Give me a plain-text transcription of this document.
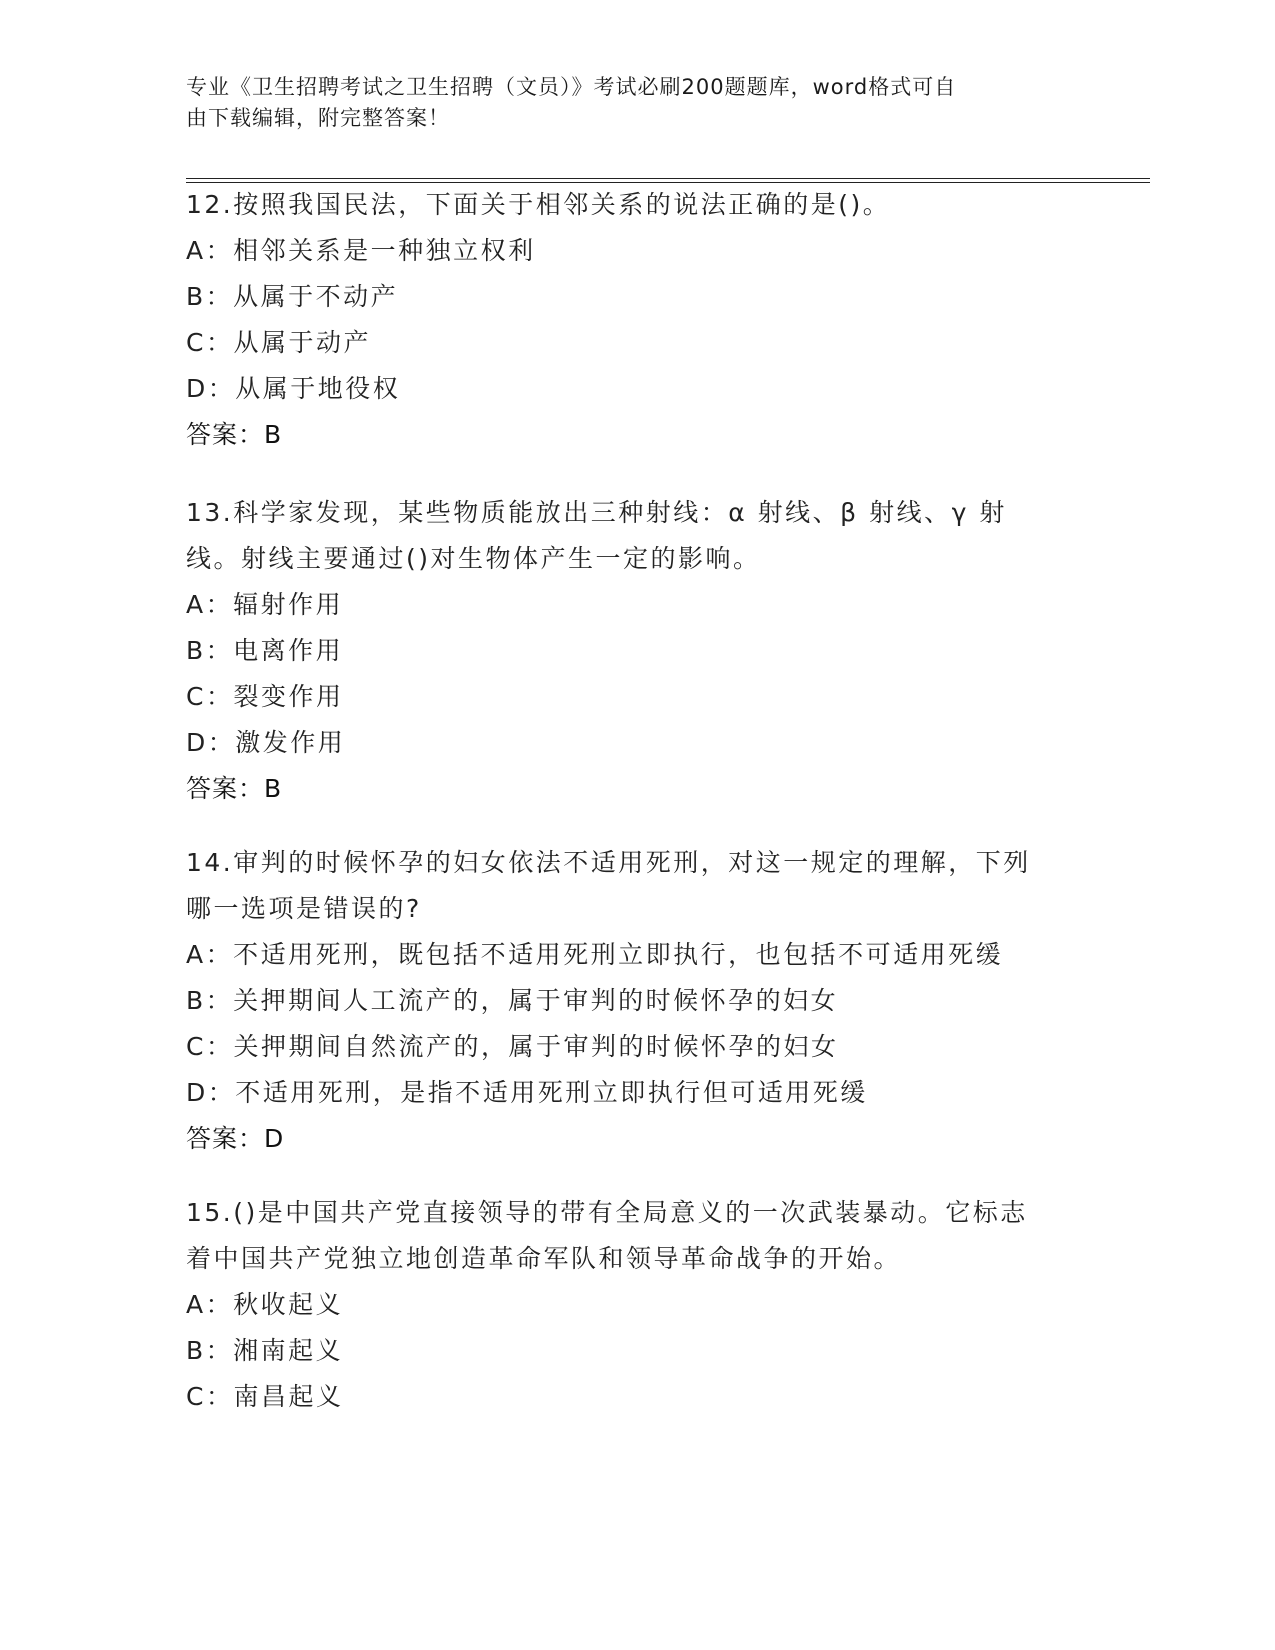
专业《卫生招聘考试之卫生招聘（文员）》考试必刷200题题库，word格式可自
由下载编辑，附完整答案！
12.按照我国民法，下面关于相邻关系的说法正确的是()。
A：相邻关系是一种独立权利
B：从属于不动产
C：从属于动产
D：从属于地役权
答案：B
13.科学家发现，某些物质能放出三种射线：α 射线、β 射线、γ 射
线。射线主要通过()对生物体产生一定的影响。
A：辐射作用
B：电离作用
C：裂变作用
D：激发作用
答案：B
14.审判的时候怀孕的妇女依法不适用死刑，对这一规定的理解，下列
哪一选项是错误的?
A：不适用死刑，既包括不适用死刑立即执行，也包括不可适用死缓
B：关押期间人工流产的，属于审判的时候怀孕的妇女
C：关押期间自然流产的，属于审判的时候怀孕的妇女
D：不适用死刑，是指不适用死刑立即执行但可适用死缓
答案：D
15.()是中国共产党直接领导的带有全局意义的一次武装暴动。它标志
着中国共产党独立地创造革命军队和领导革命战争的开始。
A：秋收起义
B：湘南起义
C：南昌起义
